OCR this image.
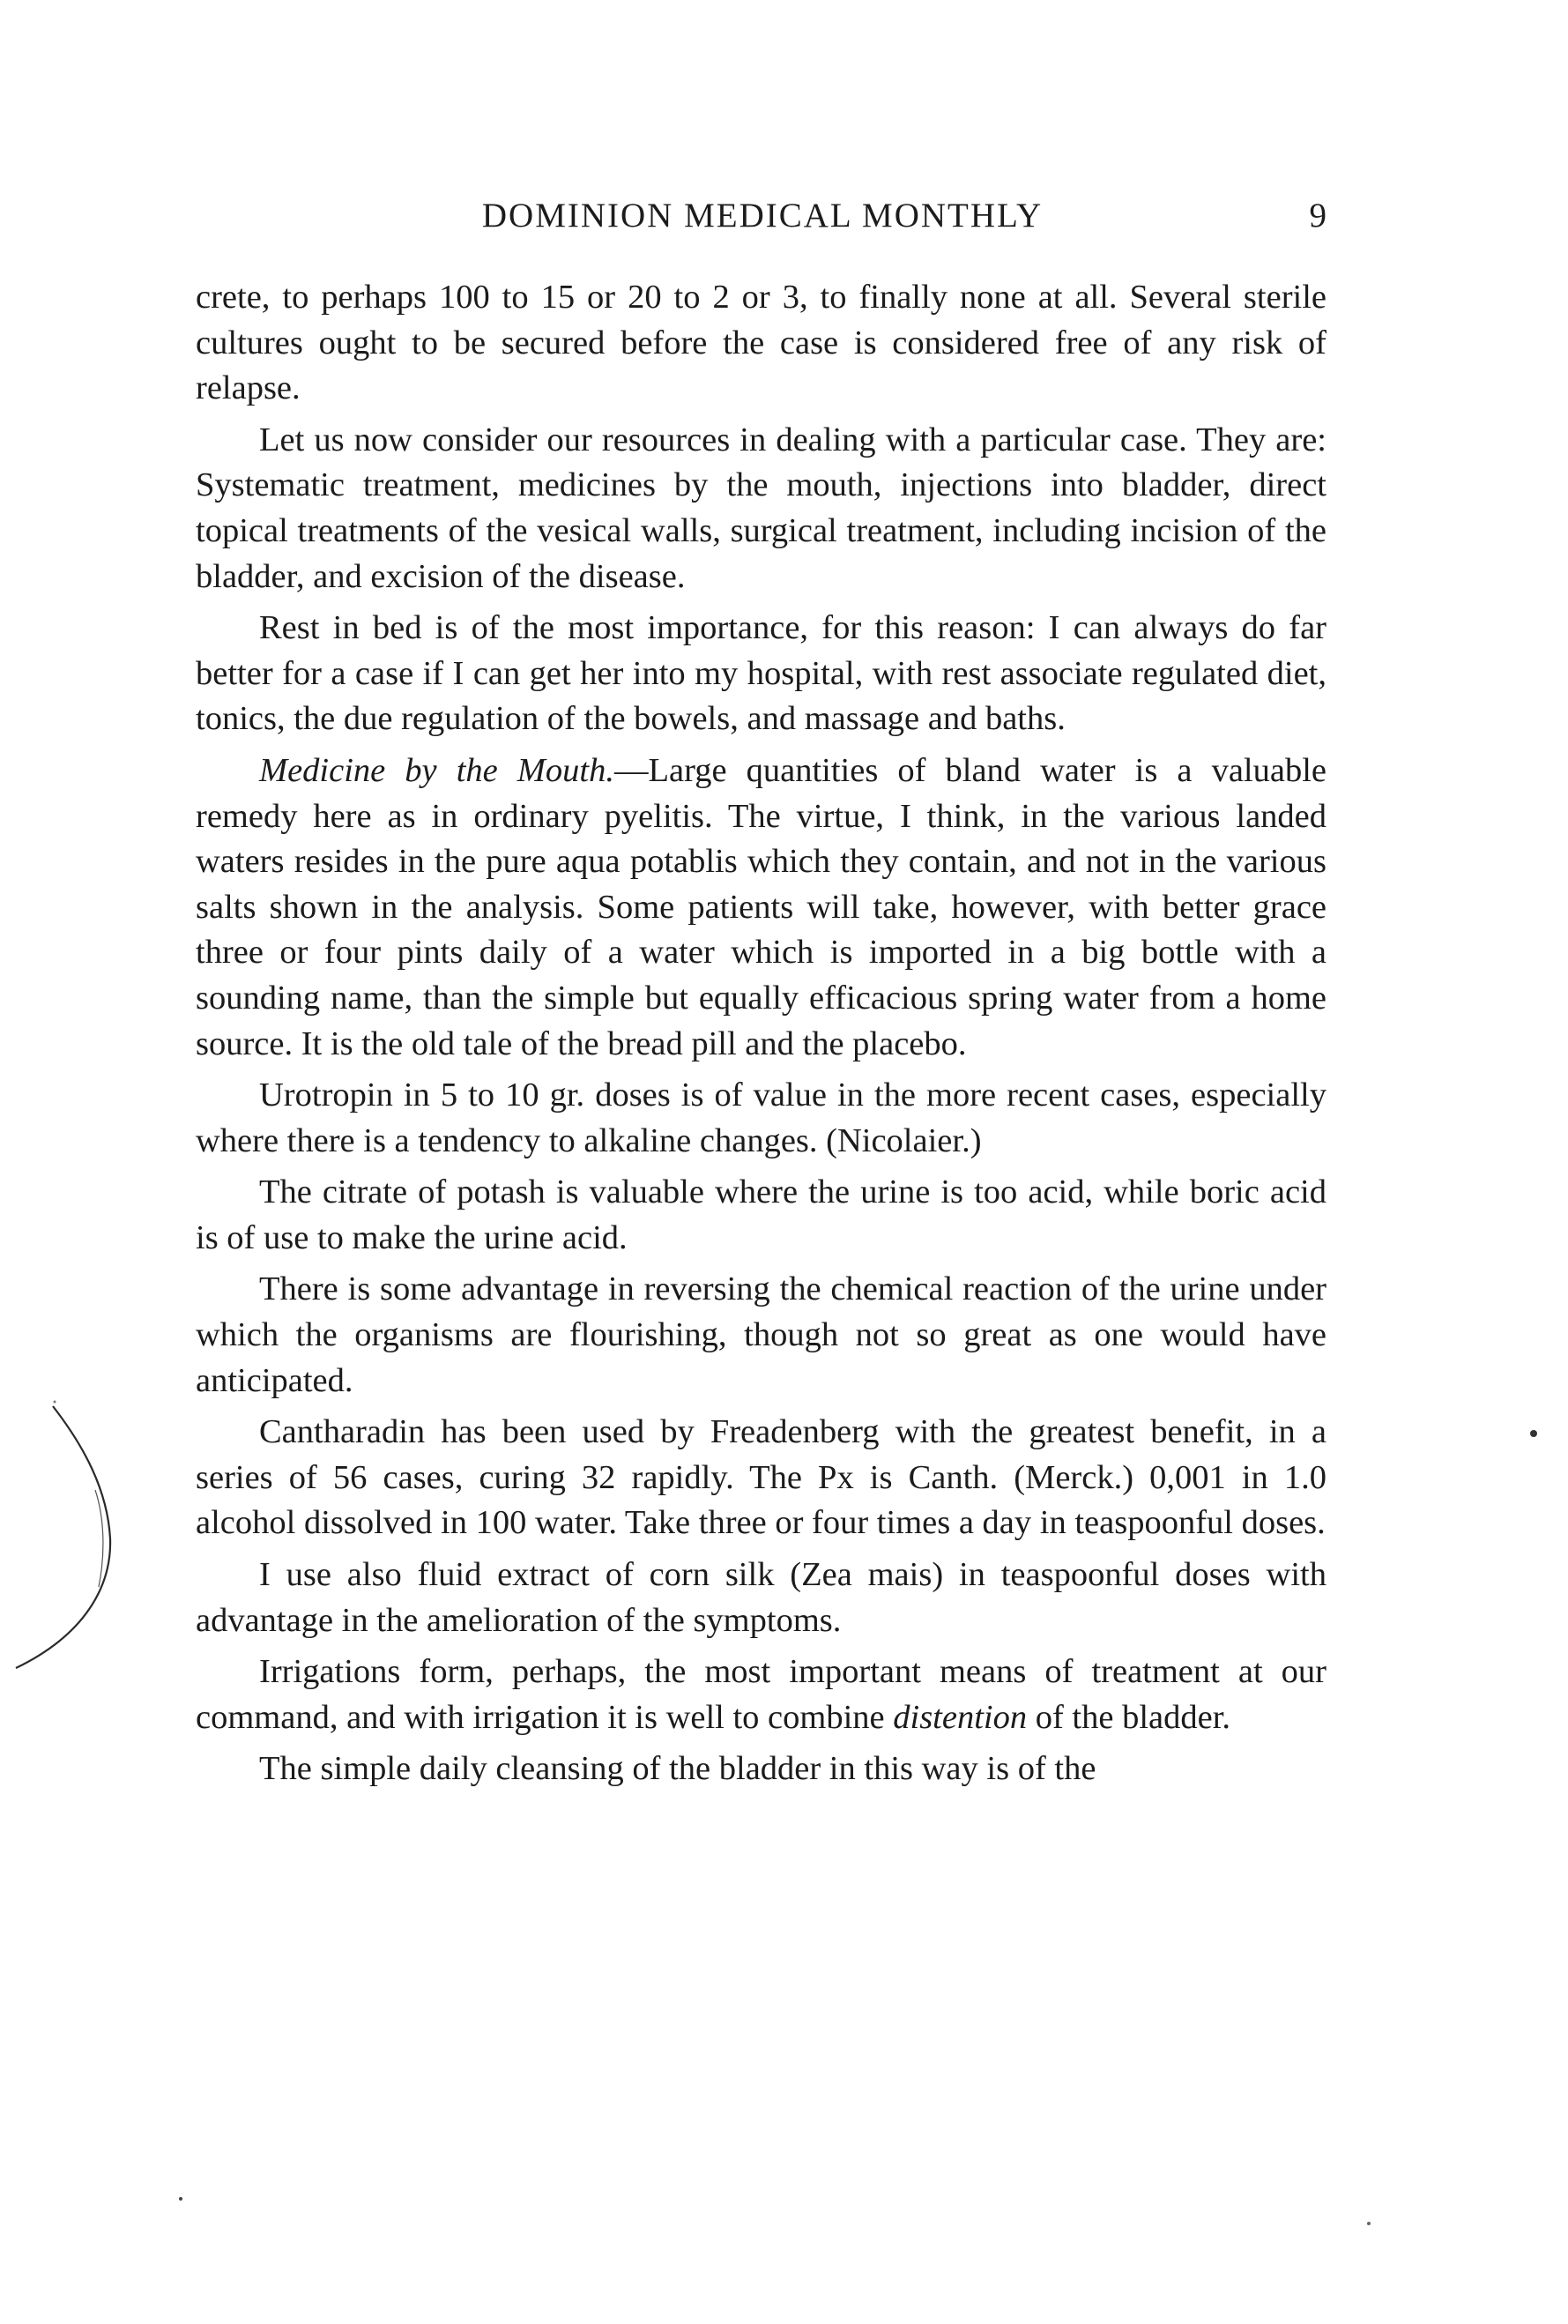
DOMINION MEDICAL MONTHLY	9

crete, to perhaps 100 to 15 or 20 to 2 or 3, to finally none at all. Several sterile cultures ought to be secured before the case is considered free of any risk of relapse.

Let us now consider our resources in dealing with a particular case. They are: Systematic treatment, medicines by the mouth, injections into bladder, direct topical treatments of the vesical walls, surgical treatment, including incision of the bladder, and excision of the disease.

Rest in bed is of the most importance, for this reason: I can always do far better for a case if I can get her into my hospital, with rest associate regulated diet, tonics, the due regulation of the bowels, and massage and baths.

Medicine by the Mouth.—Large quantities of bland water is a valuable remedy here as in ordinary pyelitis. The virtue, I think, in the various landed waters resides in the pure aqua potablis which they contain, and not in the various salts shown in the analysis. Some patients will take, however, with better grace three or four pints daily of a water which is imported in a big bottle with a sounding name, than the simple but equally efficacious spring water from a home source. It is the old tale of the bread pill and the placebo.

Urotropin in 5 to 10 gr. doses is of value in the more recent cases, especially where there is a tendency to alkaline changes. (Nicolaier.)

The citrate of potash is valuable where the urine is too acid, while boric acid is of use to make the urine acid.

There is some advantage in reversing the chemical reaction of the urine under which the organisms are flourishing, though not so great as one would have anticipated.

Cantharadin has been used by Freadenberg with the greatest benefit, in a series of 56 cases, curing 32 rapidly. The Px is Canth. (Merck.) 0,001 in 1.0 alcohol dissolved in 100 water. Take three or four times a day in teaspoonful doses.

I use also fluid extract of corn silk (Zea mais) in teaspoonful doses with advantage in the amelioration of the symptoms.

Irrigations form, perhaps, the most important means of treatment at our command, and with irrigation it is well to combine distention of the bladder.

The simple daily cleansing of the bladder in this way is of the
